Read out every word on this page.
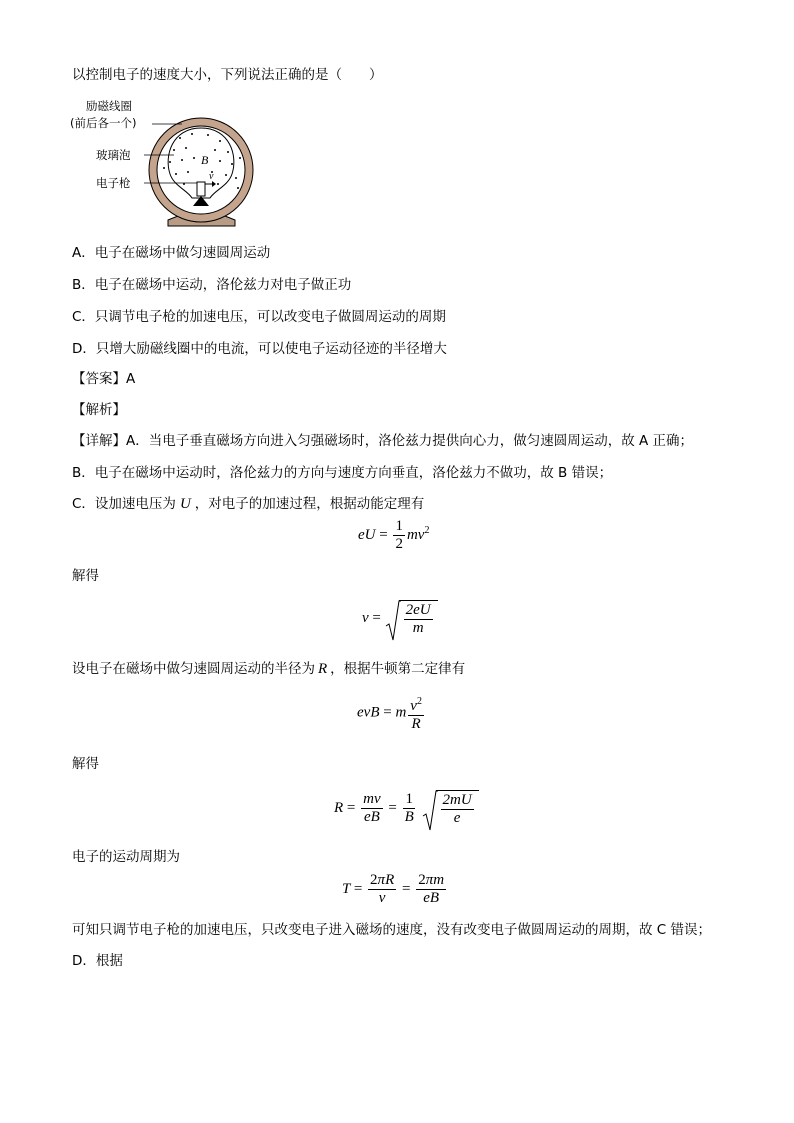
以控制电子的速度大小，下列说法正确的是（　　）
励磁线圈
(前后各一个)
玻璃泡
电子枪
B
v
A．电子在磁场中做匀速圆周运动
B．电子在磁场中运动，洛伦兹力对电子做正功
C．只调节电子枪的加速电压，可以改变电子做圆周运动的周期
D．只增大励磁线圈中的电流，可以使电子运动径迹的半径增大
【答案】A
【解析】
【详解】A．当电子垂直磁场方向进入匀强磁场时，洛伦兹力提供向心力，做匀速圆周运动，故 A 正确；
B．电子在磁场中运动时，洛伦兹力的方向与速度方向垂直，洛伦兹力不做功，故 B 错误；
C．设加速电压为 U ，对电子的加速过程，根据动能定理有
eU = $\frac{1}{2} mv^2$
解得
$v = \frac{2eU}{m}$
设电子在磁场中做匀速圆周运动的半径为 R ，根据牛顿第二定律有
evB = m $\frac{v^2}{R}$
解得
$R = \frac{mv}{eB} = \frac{1}{B}$
$\frac{2mU}{e}$
电子的运动周期为
$T = \frac{2\pi R}{v} = \frac{2\pi m}{eB}$
可知只调节电子枪的加速电压，只改变电子进入磁场的速度，没有改变电子做圆周运动的周期，故 C 错误；
D．根据
